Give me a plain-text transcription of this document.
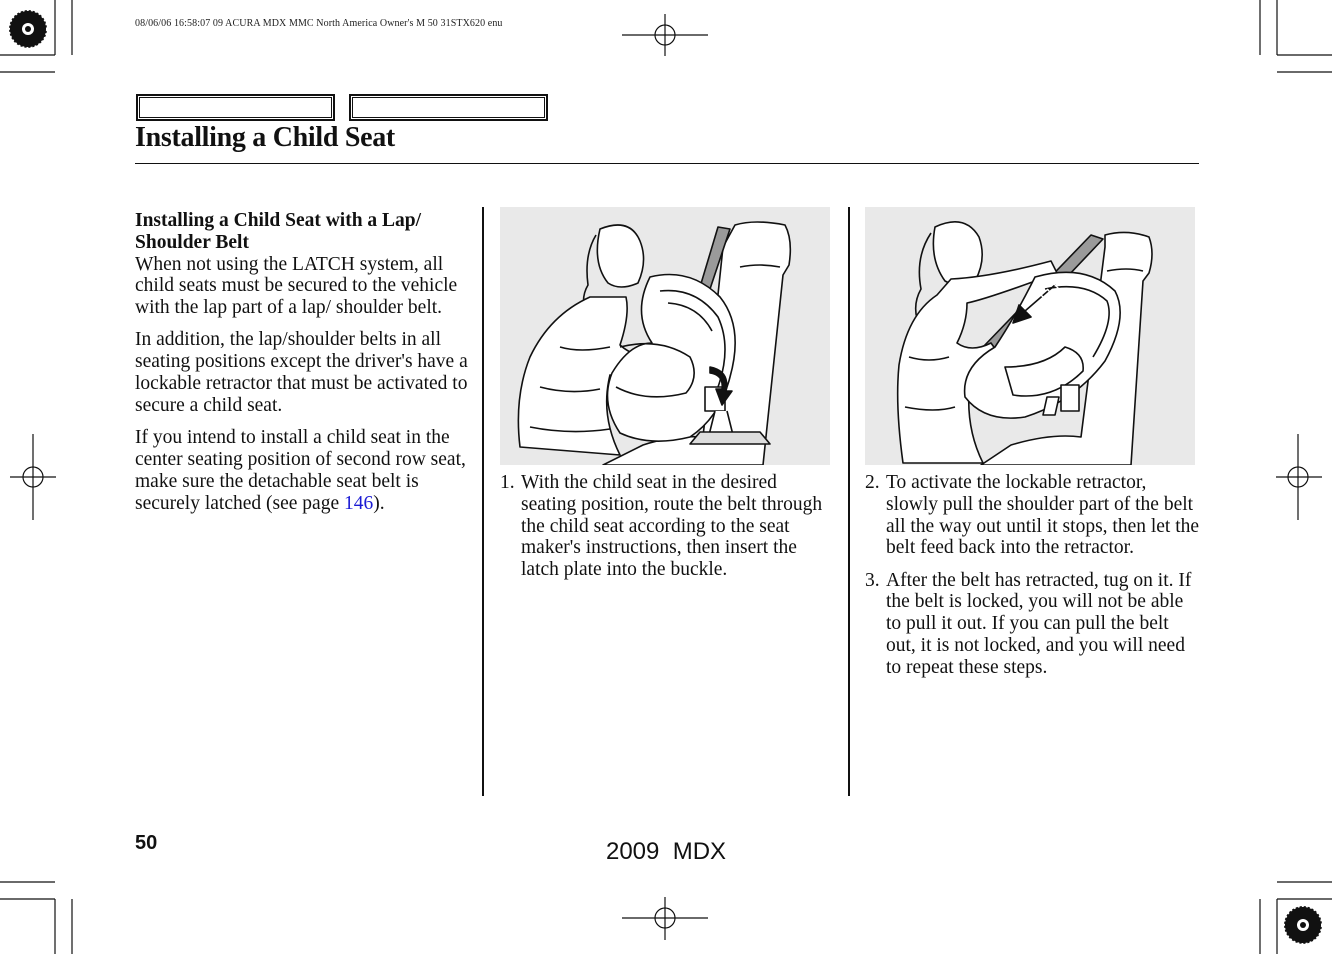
08/06/06 16:58:07 09 ACURA MDX MMC North America Owner's M 50 31STX620 enu
Installing a Child Seat
Installing a Child Seat with a Lap/ Shoulder Belt

When not using the LATCH system, all child seats must be secured to the vehicle with the lap part of a lap/ shoulder belt.

In addition, the lap/shoulder belts in all seating positions except the driver's have a lockable retractor that must be activated to secure a child seat.

If you intend to install a child seat in the center seating position of second row seat, make sure the detachable seat belt is securely latched (see page 146).

1. With the child seat in the desired seating position, route the belt through the child seat according to the seat maker's instructions, then insert the latch plate into the buckle.
2. To activate the lockable retractor, slowly pull the shoulder part of the belt all the way out until it stops, then let the belt feed back into the retractor.
3. After the belt has retracted, tug on it. If the belt is locked, you will not be able to pull it out. If you can pull the belt out, it is not locked, and you will need to repeat these steps.
50	2009  MDX
